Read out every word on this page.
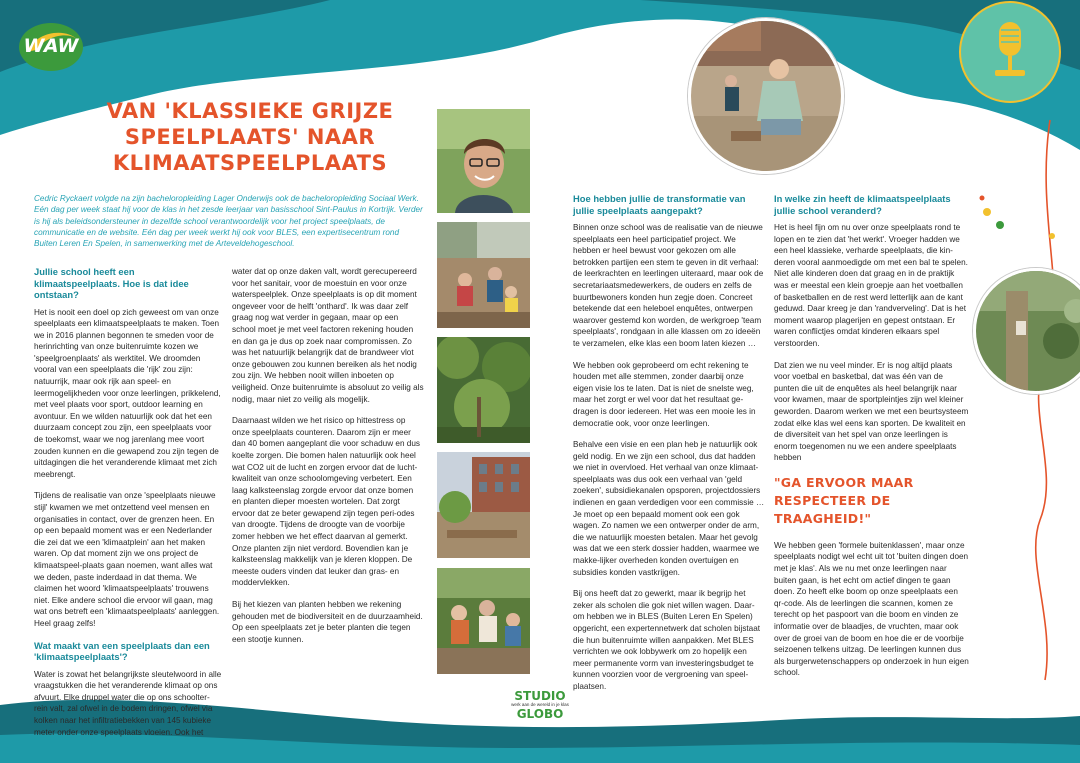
WAW
VAN 'KLASSIEKE GRIJZE SPEELPLAATS' NAAR KLIMAATSPEELPLAATS
Cedric Ryckaert volgde na zijn bacheloropleiding Lager Onderwijs ook de bacheloropleiding Sociaal Werk. Eén dag per week staat hij voor de klas in het zesde leerjaar van basisschool Sint-Paulus in Kortrijk. Verder is hij als beleidsondersteuner in dezelfde school verantwoordelijk voor het project speelplaats, de communicatie en de website. Eén dag per week werkt hij ook voor BLES, een expertisecentrum rond Buiten Leren En Spelen, in samenwerking met de Arteveldehogeschool.

Jullie school heeft een klimaatspeelplaats. Hoe is dat idee ontstaan?

Het is nooit een doel op zich geweest om van onze speelplaats een klimaatspeelplaats te maken. Toen we in 2016 plannen begonnen te smeden voor de herinrichting van onze buitenruimte kozen we 'speelgroenplaats' als werktitel. We droomden vooral van een speelplaats die 'rijk' zou zijn: natuurrijk, maar ook rijk aan speel- en leermogelijkheden voor onze leerlingen, prikkelend, met veel plaats voor sport, outdoor learning en avontuur. En we wilden natuurlijk ook dat het een duurzaam concept zou zijn, een speelplaats voor de toekomst, waar we nog jarenlang mee voort zouden kunnen en die gewapend zou zijn tegen de uitdagingen die het veranderende klimaat met zich meebrengt.

Tijdens de realisatie van onze 'speelplaats nieuwe stijl' kwamen we met ontzettend veel mensen en organisaties in contact, over de grenzen heen. En op een bepaald moment was er een Nederlander die zei dat we een 'klimaatplein' aan het maken waren. Op dat moment zijn we ons project de klimaatspeel-plaats gaan noemen, want alles wat we deden, paste inderdaad in dat thema. We claimen het woord 'klimaatspeelplaats' trouwens niet. Elke andere school die ervoor wil gaan, mag wat ons betreft een 'klimaatspeelplaats' aanleggen. Heel graag zelfs!

Wat maakt van een speelplaats dan een 'klimaatspeelplaats'?

Water is zowat het belangrijkste sleutelwoord in alle vraagstukken die het veranderende klimaat op ons afvuurt. Elke druppel water die op ons schoolter-rein valt, zal ofwel in de bodem dringen, ofwel via kolken naar het infiltratiebekken van 145 kubieke meter onder onze speelplaats vloeien. Ook het

water dat op onze daken valt, wordt gerecupereerd voor het sanitair, voor de moestuin en voor onze waterspeelplek. Onze speelplaats is op dit moment ongeveer voor de helft 'onthard'. Ik was daar zelf graag nog wat verder in gegaan, maar op een school moet je met veel factoren rekening houden en dan ga je dus op zoek naar compromissen. Zo was het natuurlijk belangrijk dat de brandweer vlot onze gebouwen zou kunnen bereiken als het nodig zou zijn. We hebben nooit willen inboeten op veiligheid. Onze buitenruimte is absoluut zo veilig als nodig, maar niet zo veilig als mogelijk.

Daarnaast wilden we het risico op hittestress op onze speelplaats counteren. Daarom zijn er meer dan 40 bomen aangeplant die voor schaduw en dus koelte zorgen. Die bomen halen natuurlijk ook heel wat CO2 uit de lucht en zorgen ervoor dat de lucht-kwaliteit van onze schoolomgeving verbetert. Een laag kalksteenslag zorgde ervoor dat onze bomen en planten dieper moesten wortelen. Dat zorgt ervoor dat ze beter gewapend zijn tegen peri-odes van droogte. Tijdens de droogte van de voorbije zomer hebben we het effect daarvan al gemerkt. Onze planten zijn niet verdord. Bovendien kan je kalksteenslag makkelijk van je kleren kloppen. De meeste ouders vinden dat leuker dan gras- en moddervlekken.

Bij het kiezen van planten hebben we rekening gehouden met de biodiversiteit en de duurzaamheid. Op een speelplaats zet je beter planten die tegen een stootje kunnen.

Hoe hebben jullie de transformatie van jullie speelplaats aangepakt?

Binnen onze school was de realisatie van de nieuwe speelplaats een heel participatief project. We hebben er heel bewust voor gekozen om alle betrokken partijen een stem te geven in dit verhaal: de leerkrachten en leerlingen uiteraard, maar ook de secretariaatsmedewerkers, de ouders en zelfs de buurtbewoners konden hun zegje doen. Concreet betekende dat een heleboel enquêtes, ontwerpen waarover gestemd kon worden, de werkgroep 'team speelplaats', rondgaan in alle klassen om zo ideeën te verzamelen, elke klas een boom laten kiezen …

We hebben ook geprobeerd om echt rekening te houden met alle stemmen, zonder daarbij onze eigen visie los te laten. Dat is niet de snelste weg, maar het zorgt er wel voor dat het resultaat ge-dragen is door iedereen. Het was een mooie les in democratie ook, voor onze leerlingen.

Behalve een visie en een plan heb je natuurlijk ook geld nodig. En we zijn een school, dus dat hadden we niet in overvloed. Het verhaal van onze klimaat-speelplaats was dus ook een verhaal van 'geld zoeken', subsidiekanalen opsporen, projectdossiers indienen en gaan verdedigen voor een commissie … Je moet op een bepaald moment ook een gok wagen. Zo namen we een ontwerper onder de arm, die we natuurlijk moesten betalen. Maar het gevolg was dat we een sterk dossier hadden, waarmee we makke-lijker overheden konden overtuigen en subsidies konden vastkrijgen.

Bij ons heeft dat zo gewerkt, maar ik begrijp het zeker als scholen die gok niet willen wagen. Daar-om hebben we in BLES (Buiten Leren En Spelen) opgericht, een expertennetwerk dat scholen bijstaat die hun buitenruimte willen aanpakken. Met BLES verrichten we ook lobbywerk om zo hopelijk een meer permanente vorm van investeringsbudget te kunnen voorzien voor de vergroening van speel-plaatsen.

In welke zin heeft de klimaatspeelplaats jullie school veranderd?

Het is heel fijn om nu over onze speelplaats rond te lopen en te zien dat 'het werkt'. Vroeger hadden we een heel klassieke, verharde speelplaats, die kin-deren vooral aanmoedigde om met een bal te spelen. Niet alle kinderen doen dat graag en in de praktijk was er meestal een klein groepje aan het voetballen of basketballen en de rest werd letterlijk aan de kant geduwd. Daar kreeg je dan 'randverveling'. Dat is het moment waarop plagerijen en gepest ontstaan. Er waren conflictjes omdat kinderen elkaars spel verstoorden.

Dat zien we nu veel minder. Er is nog altijd plaats voor voetbal en basketbal, dat was één van de punten die uit de enquêtes als heel belangrijk naar voor kwamen, maar de sportpleintjes zijn wel kleiner geworden. Daarom werken we met een beurtsysteem zodat elke klas wel eens kan sporten. De kwaliteit en de diversiteit van het spel van onze leerlingen is enorm toegenomen nu we een andere speelplaats hebben

"GA ERVOOR MAAR RESPECTEER DE TRAAGHEID!"

We hebben geen 'formele buitenklassen', maar onze speelplaats nodigt wel echt uit tot 'buiten dingen doen met je klas'. Als we nu met onze leerlingen naar buiten gaan, is het echt om actief dingen te gaan doen. Zo heeft elke boom op onze speelplaats een qr-code. Als de leerlingen die scannen, komen ze terecht op het paspoort van die boom en vinden ze informatie over de blaadjes, de vruchten, maar ook over de groei van de boom en hoe die er de voorbije seizoenen telkens uitzag. De leerlingen kunnen dus als burgerwetenschappers op onderzoek in hun eigen school.

STUDIO
werk aan de wereld in je klas
GLOBO
